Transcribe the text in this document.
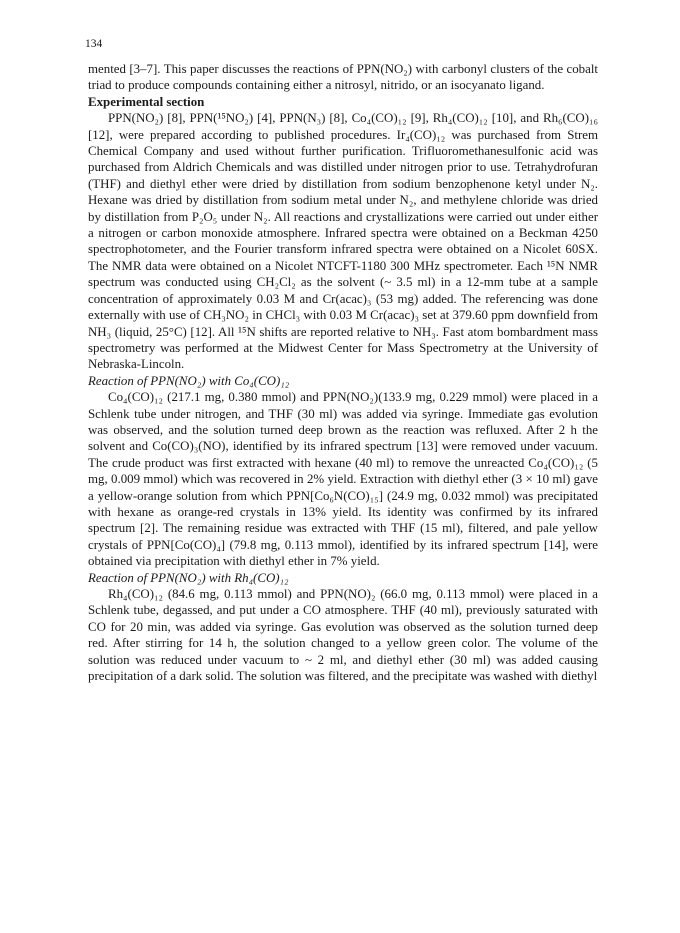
134

mented [3–7]. This paper discusses the reactions of PPN(NO₂) with carbonyl clusters of the cobalt triad to produce compounds containing either a nitrosyl, nitrido, or an isocyanato ligand.

Experimental section

PPN(NO₂) [8], PPN(¹⁵NO₂) [4], PPN(N₃) [8], Co₄(CO)₁₂ [9], Rh₄(CO)₁₂ [10], and Rh₆(CO)₁₆ [12], were prepared according to published procedures. Ir₄(CO)₁₂ was purchased from Strem Chemical Company and used without further purification. Trifluoromethanesulfonic acid was purchased from Aldrich Chemicals and was distilled under nitrogen prior to use. Tetrahydrofuran (THF) and diethyl ether were dried by distillation from sodium benzophenone ketyl under N₂. Hexane was dried by distillation from sodium metal under N₂, and methylene chloride was dried by distillation from P₂O₅ under N₂. All reactions and crystallizations were carried out under either a nitrogen or carbon monoxide atmosphere. Infrared spectra were obtained on a Beckman 4250 spectrophotometer, and the Fourier transform infrared spectra were obtained on a Nicolet 60SX. The NMR data were obtained on a Nicolet NTCFT-1180 300 MHz spectrometer. Each ¹⁵N NMR spectrum was conducted using CH₂Cl₂ as the solvent (~ 3.5 ml) in a 12-mm tube at a sample concentration of approximately 0.03 M and Cr(acac)₃ (53 mg) added. The referencing was done externally with use of CH₃NO₂ in CHCl₃ with 0.03 M Cr(acac)₃ set at 379.60 ppm downfield from NH₃ (liquid, 25°C) [12]. All ¹⁵N shifts are reported relative to NH₃. Fast atom bombardment mass spectrometry was performed at the Midwest Center for Mass Spectrometry at the University of Nebraska-Lincoln.

Reaction of PPN(NO₂) with Co₄(CO)₁₂

Co₄(CO)₁₂ (217.1 mg, 0.380 mmol) and PPN(NO₂)(133.9 mg, 0.229 mmol) were placed in a Schlenk tube under nitrogen, and THF (30 ml) was added via syringe. Immediate gas evolution was observed, and the solution turned deep brown as the reaction was refluxed. After 2 h the solvent and Co(CO)₃(NO), identified by its infrared spectrum [13] were removed under vacuum. The crude product was first extracted with hexane (40 ml) to remove the unreacted Co₄(CO)₁₂ (5 mg, 0.009 mmol) which was recovered in 2% yield. Extraction with diethyl ether (3 × 10 ml) gave a yellow-orange solution from which PPN[Co₆N(CO)₁₅] (24.9 mg, 0.032 mmol) was precipitated with hexane as orange-red crystals in 13% yield. Its identity was confirmed by its infrared spectrum [2]. The remaining residue was extracted with THF (15 ml), filtered, and pale yellow crystals of PPN[Co(CO)₄] (79.8 mg, 0.113 mmol), identified by its infrared spectrum [14], were obtained via precipitation with diethyl ether in 7% yield.

Reaction of PPN(NO₂) with Rh₄(CO)₁₂

Rh₄(CO)₁₂ (84.6 mg, 0.113 mmol) and PPN(NO)₂ (66.0 mg, 0.113 mmol) were placed in a Schlenk tube, degassed, and put under a CO atmosphere. THF (40 ml), previously saturated with CO for 20 min, was added via syringe. Gas evolution was observed as the solution turned deep red. After stirring for 14 h, the solution changed to a yellow green color. The volume of the solution was reduced under vacuum to ~ 2 ml, and diethyl ether (30 ml) was added causing precipitation of a dark solid. The solution was filtered, and the precipitate was washed with diethyl
